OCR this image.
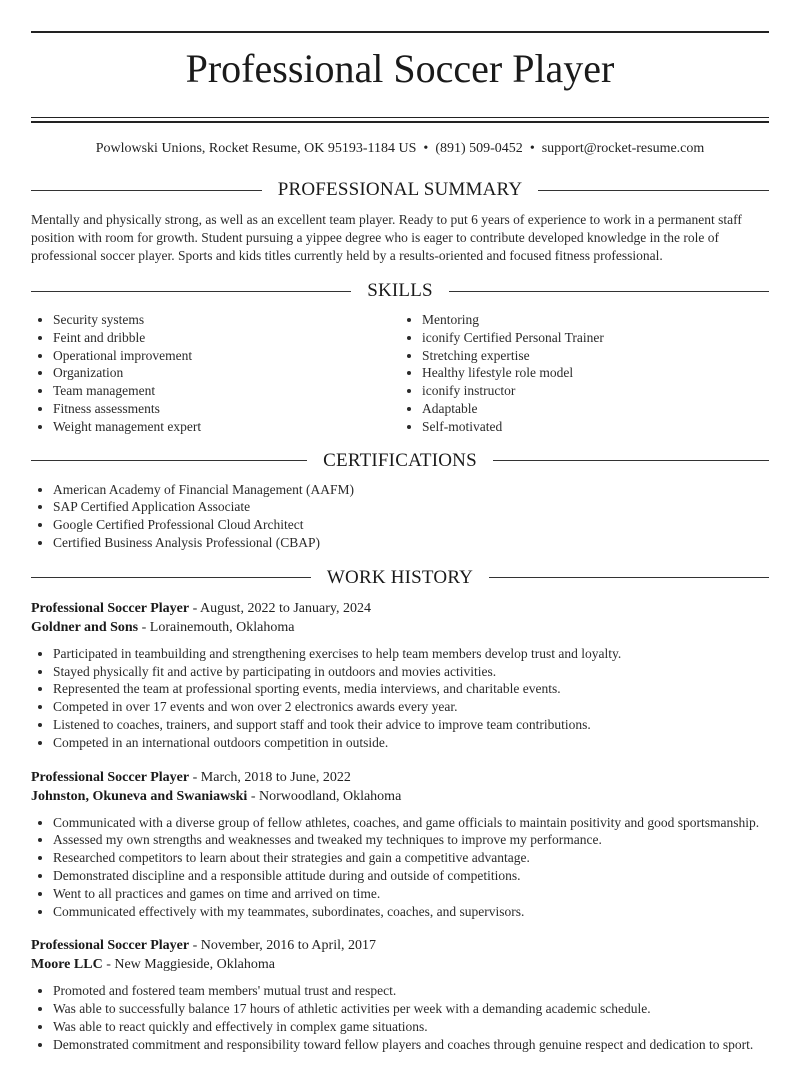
Professional Soccer Player
Powlowski Unions, Rocket Resume, OK 95193-1184 US • (891) 509-0452 • support@rocket-resume.com
PROFESSIONAL SUMMARY

Mentally and physically strong, as well as an excellent team player. Ready to put 6 years of experience to work in a permanent staff position with room for growth. Student pursuing a yippee degree who is eager to contribute developed knowledge in the role of professional soccer player. Sports and kids titles currently held by a results-oriented and focused fitness professional.

SKILLS
• Security systems
• Feint and dribble
• Operational improvement
• Organization
• Team management
• Fitness assessments
• Weight management expert
• Mentoring
• iconify Certified Personal Trainer
• Stretching expertise
• Healthy lifestyle role model
• iconify instructor
• Adaptable
• Self-motivated
CERTIFICATIONS
• American Academy of Financial Management (AAFM)
• SAP Certified Application Associate
• Google Certified Professional Cloud Architect
• Certified Business Analysis Professional (CBAP)
WORK HISTORY
Professional Soccer Player - August, 2022 to January, 2024
Goldner and Sons - Lorainemouth, Oklahoma
• Participated in teambuilding and strengthening exercises to help team members develop trust and loyalty.
• Stayed physically fit and active by participating in outdoors and movies activities.
• Represented the team at professional sporting events, media interviews, and charitable events.
• Competed in over 17 events and won over 2 electronics awards every year.
• Listened to coaches, trainers, and support staff and took their advice to improve team contributions.
• Competed in an international outdoors competition in outside.
Professional Soccer Player - March, 2018 to June, 2022
Johnston, Okuneva and Swaniawski - Norwoodland, Oklahoma
• Communicated with a diverse group of fellow athletes, coaches, and game officials to maintain positivity and good sportsmanship.
• Assessed my own strengths and weaknesses and tweaked my techniques to improve my performance.
• Researched competitors to learn about their strategies and gain a competitive advantage.
• Demonstrated discipline and a responsible attitude during and outside of competitions.
• Went to all practices and games on time and arrived on time.
• Communicated effectively with my teammates, subordinates, coaches, and supervisors.
Professional Soccer Player - November, 2016 to April, 2017
Moore LLC - New Maggieside, Oklahoma
• Promoted and fostered team members' mutual trust and respect.
• Was able to successfully balance 17 hours of athletic activities per week with a demanding academic schedule.
• Was able to react quickly and effectively in complex game situations.
• Demonstrated commitment and responsibility toward fellow players and coaches through genuine respect and dedication to sport.
